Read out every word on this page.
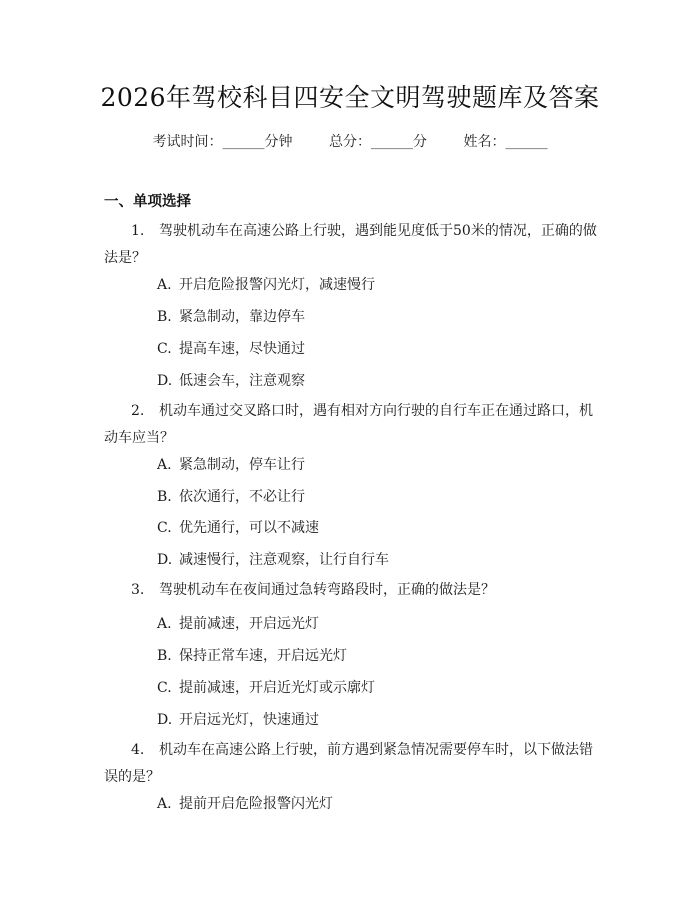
2026年驾校科目四安全文明驾驶题库及答案
考试时间：______分钟	总分：______分	姓名：______
一、单项选择
1. 驾驶机动车在高速公路上行驶，遇到能见度低于50米的情况，正确的做法是？
A. 开启危险报警闪光灯，减速慢行
B. 紧急制动，靠边停车
C. 提高车速，尽快通过
D. 低速会车，注意观察
2. 机动车通过交叉路口时，遇有相对方向行驶的自行车正在通过路口，机动车应当？
A. 紧急制动，停车让行
B. 依次通行，不必让行
C. 优先通行，可以不减速
D. 减速慢行，注意观察，让行自行车
3. 驾驶机动车在夜间通过急转弯路段时，正确的做法是？
A. 提前减速，开启远光灯
B. 保持正常车速，开启远光灯
C. 提前减速，开启近光灯或示廓灯
D. 开启远光灯，快速通过
4. 机动车在高速公路上行驶，前方遇到紧急情况需要停车时，以下做法错误的是？
A. 提前开启危险报警闪光灯
